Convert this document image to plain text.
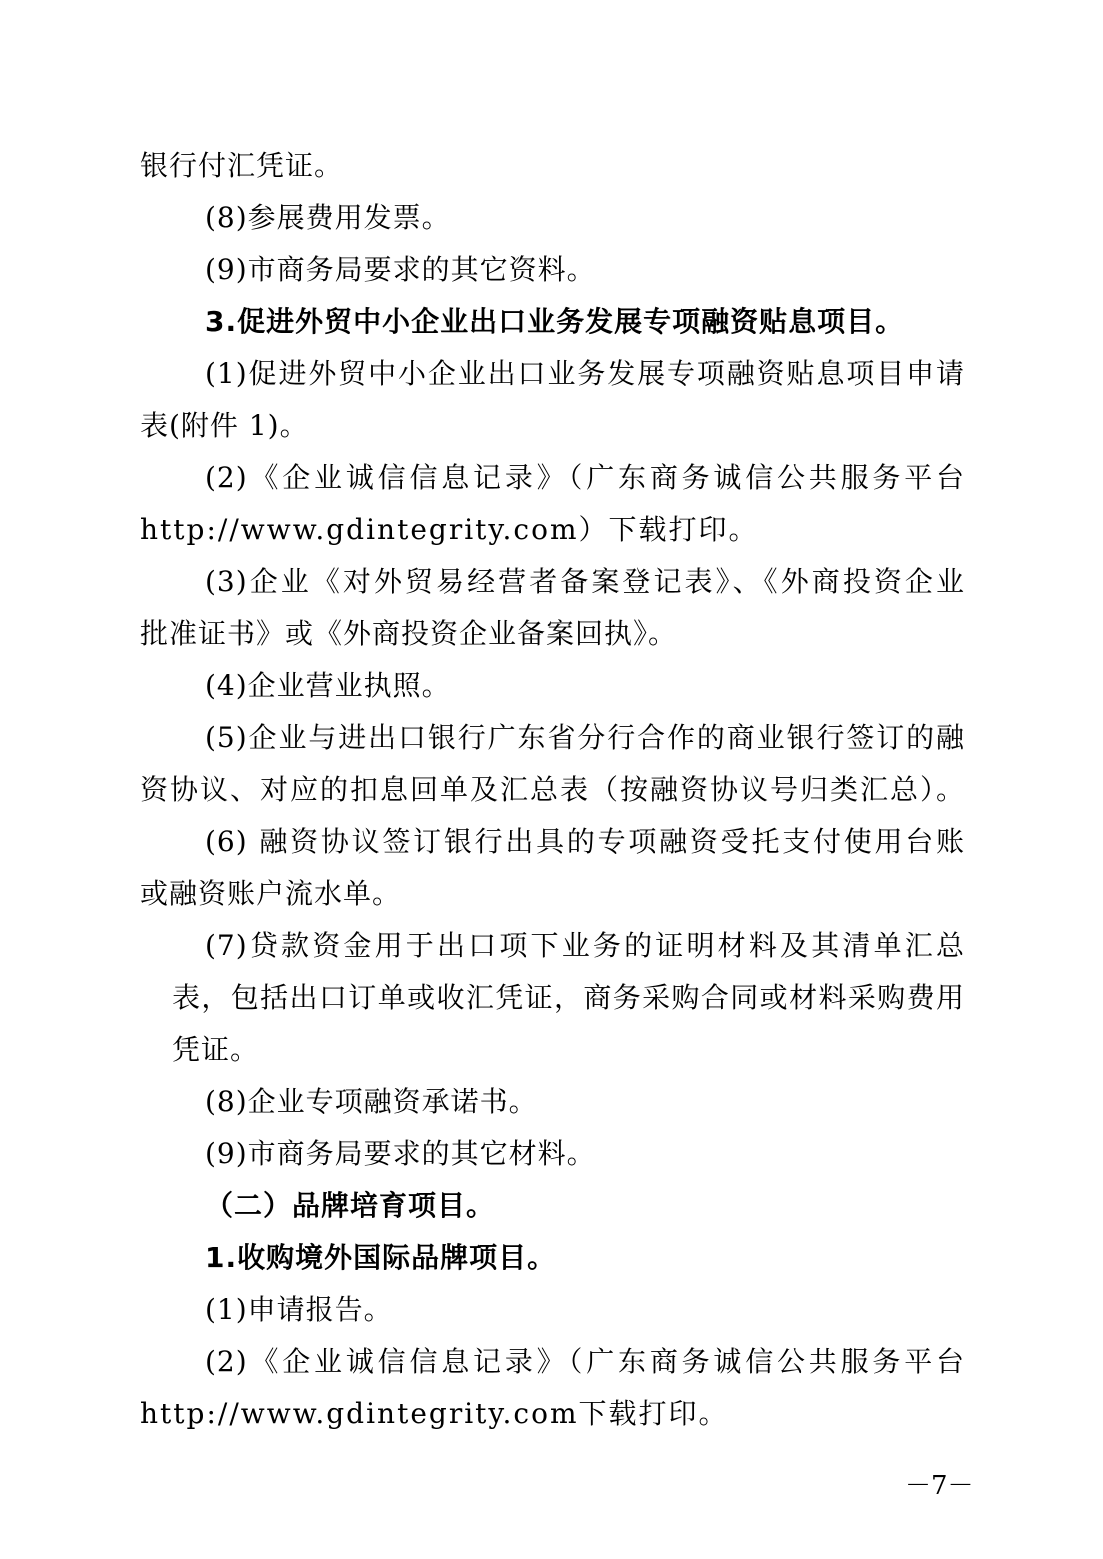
银行付汇凭证。
(8)参展费用发票。
(9)市商务局要求的其它资料。
3.促进外贸中小企业出口业务发展专项融资贴息项目。
(1)促进外贸中小企业出口业务发展专项融资贴息项目申请
表(附件 1)。
(2)《企业诚信信息记录》（广东商务诚信公共服务平台
http://www.gdintegrity.com）下载打印。
(3)企业《对外贸易经营者备案登记表》、《外商投资企业
批准证书》或《外商投资企业备案回执》。
(4)企业营业执照。
(5)企业与进出口银行广东省分行合作的商业银行签订的融
资协议、对应的扣息回单及汇总表（按融资协议号归类汇总）。
(6) 融资协议签订银行出具的专项融资受托支付使用台账
或融资账户流水单。
(7)贷款资金用于出口项下业务的证明材料及其清单汇总
表，包括出口订单或收汇凭证，商务采购合同或材料采购费用
凭证。
(8)企业专项融资承诺书。
(9)市商务局要求的其它材料。
（二）品牌培育项目。
1.收购境外国际品牌项目。
(1)申请报告。
(2)《企业诚信信息记录》（广东商务诚信公共服务平台
http://www.gdintegrity.com下载打印。
－7－
